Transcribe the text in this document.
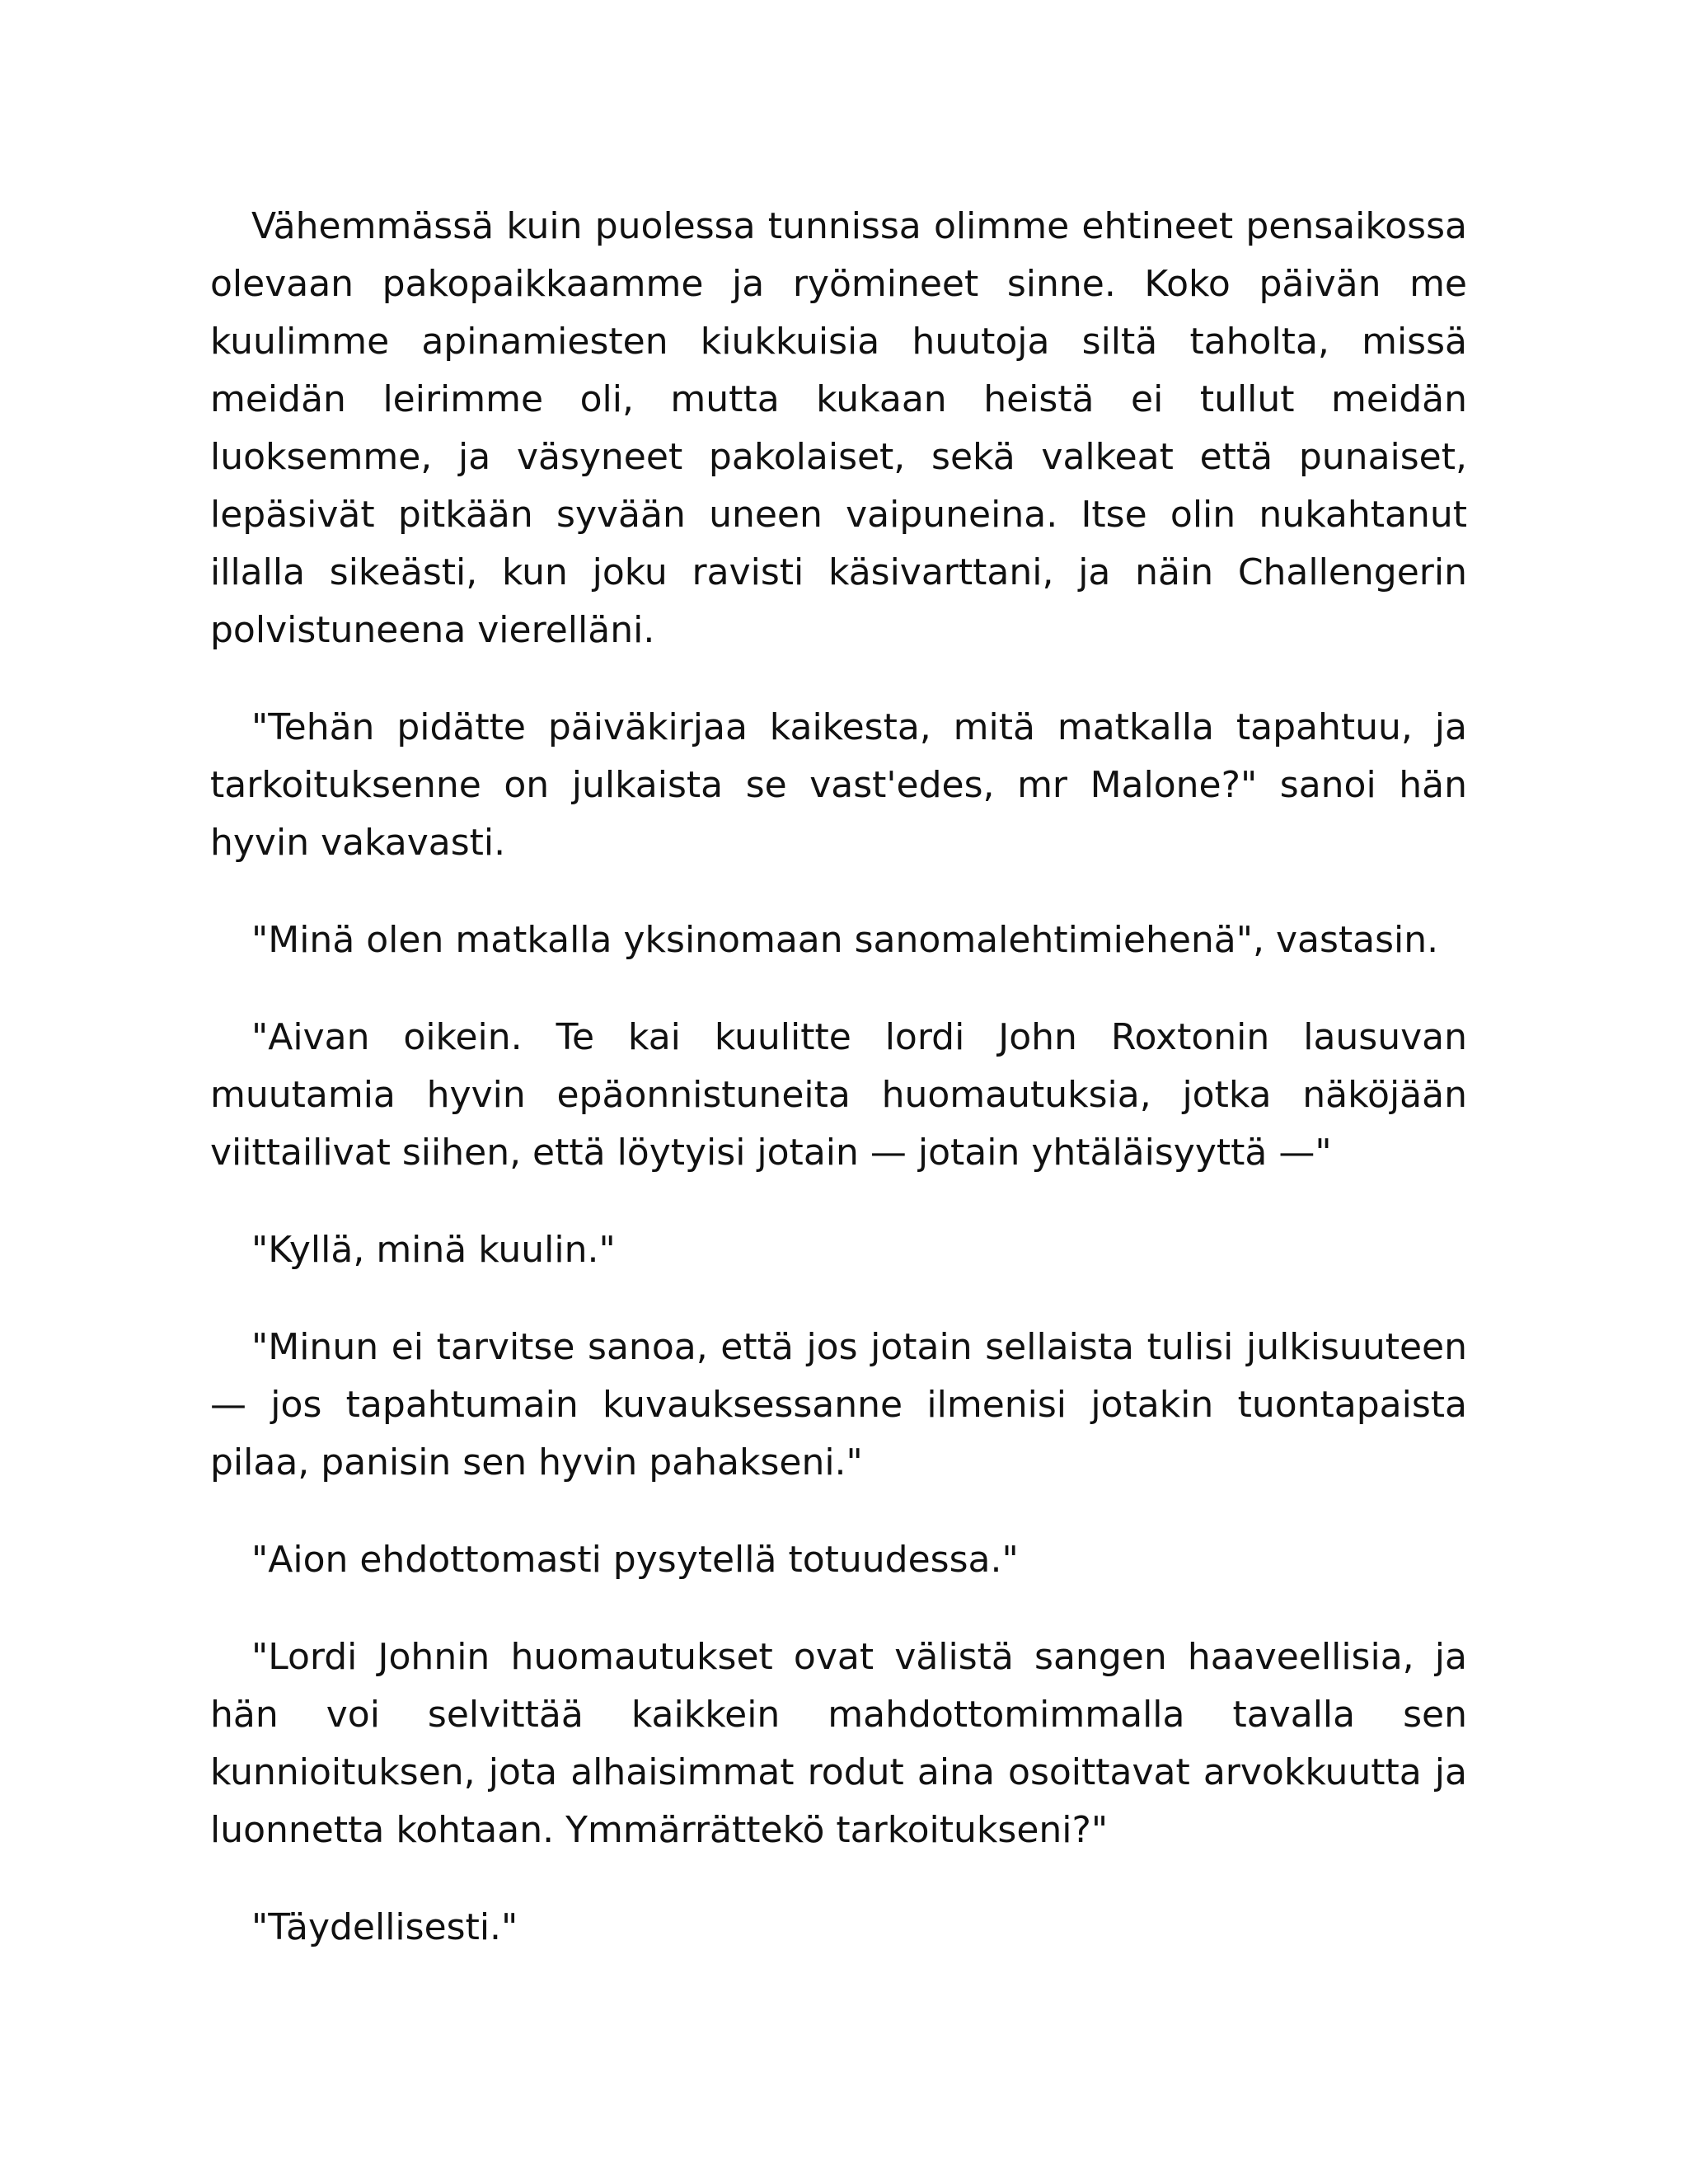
Vähemmässä kuin puolessa tunnissa olimme ehtineet pensaikossa olevaan pakopaikkaamme ja ryömineet sinne. Koko päivän me kuulimme apinamiesten kiukkuisia huutoja siltä taholta, missä meidän leirimme oli, mutta kukaan heistä ei tullut meidän luoksemme, ja väsyneet pakolaiset, sekä valkeat että punaiset, lepäsivät pitkään syvään uneen vaipuneina. Itse olin nukahtanut illalla sikeästi, kun joku ravisti käsivarttani, ja näin Challengerin polvistuneena vierelläni.

"Tehän pidätte päiväkirjaa kaikesta, mitä matkalla tapahtuu, ja tarkoituksenne on julkaista se vast'edes, mr Malone?" sanoi hän hyvin vakavasti.

"Minä olen matkalla yksinomaan sanomalehtimiehenä", vastasin.

"Aivan oikein. Te kai kuulitte lordi John Roxtonin lausuvan muutamia hyvin epäonnistuneita huomautuksia, jotka näköjään viittailivat siihen, että löytyisi jotain — jotain yhtäläisyyttä —"

"Kyllä, minä kuulin."

"Minun ei tarvitse sanoa, että jos jotain sellaista tulisi julkisuuteen — jos tapahtumain kuvauksessanne ilmenisi jotakin tuontapaista pilaa, panisin sen hyvin pahakseni."

"Aion ehdottomasti pysytellä totuudessa."

"Lordi Johnin huomautukset ovat välistä sangen haaveellisia, ja hän voi selvittää kaikkein mahdottomimmalla tavalla sen kunnioituksen, jota alhaisimmat rodut aina osoittavat arvokkuutta ja luonnetta kohtaan. Ymmärrättekö tarkoitukseni?"

"Täydellisesti."
